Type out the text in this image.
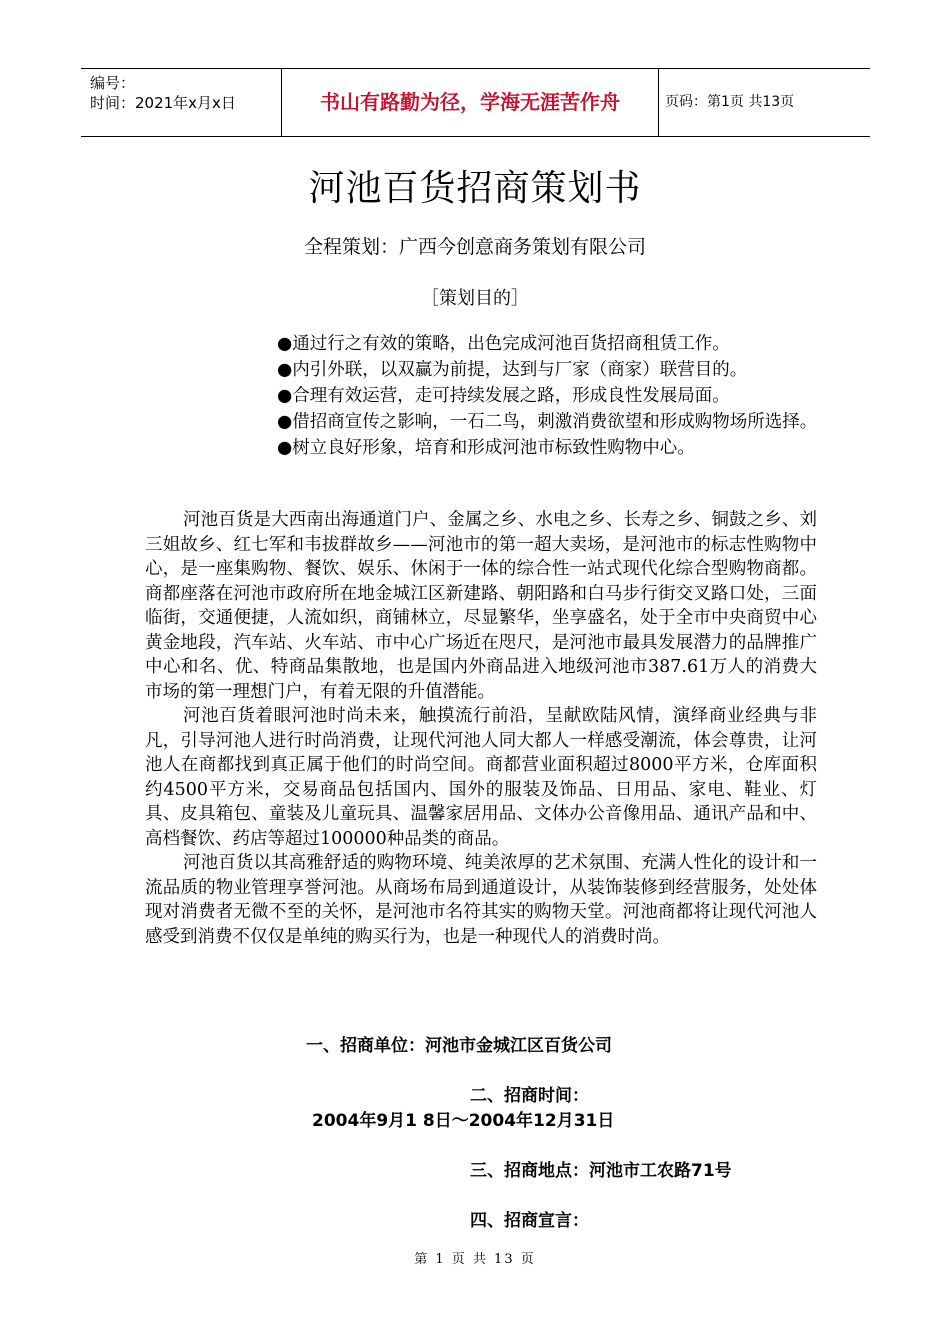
编号：
时间：2021年x月x日	书山有路勤为径，学海无涯苦作舟	页码：第1页 共13页
河池百货招商策划书
全程策划：广西今创意商务策划有限公司
［策划目的］
●通过行之有效的策略，出色完成河池百货招商租赁工作。
●内引外联，以双赢为前提，达到与厂家（商家）联营目的。
●合理有效运营，走可持续发展之路，形成良性发展局面。
●借招商宣传之影响，一石二鸟，刺激消费欲望和形成购物场所选择。
●树立良好形象，培育和形成河池市标致性购物中心。

河池百货是大西南出海通道门户、金属之乡、水电之乡、长寿之乡、铜鼓之乡、刘三姐故乡、红七军和韦拔群故乡——河池市的第一超大卖场，是河池市的标志性购物中心，是一座集购物、餐饮、娱乐、休闲于一体的综合性一站式现代化综合型购物商都。商都座落在河池市政府所在地金城江区新建路、朝阳路和白马步行街交叉路口处，三面临街，交通便捷，人流如织，商铺林立，尽显繁华，坐享盛名，处于全市中央商贸中心黄金地段，汽车站、火车站、市中心广场近在咫尺，是河池市最具发展潜力的品牌推广中心和名、优、特商品集散地，也是国内外商品进入地级河池市387.61万人的消费大市场的第一理想门户，有着无限的升值潜能。

河池百货着眼河池时尚未来，触摸流行前沿，呈献欧陆风情，演绎商业经典与非凡，引导河池人进行时尚消费，让现代河池人同大都人一样感受潮流，体会尊贵，让河池人在商都找到真正属于他们的时尚空间。商都营业面积超过8000平方米，仓库面积约4500平方米，交易商品包括国内、国外的服装及饰品、日用品、家电、鞋业、灯具、皮具箱包、童装及儿童玩具、温馨家居用品、文体办公音像用品、通讯产品和中、高档餐饮、药店等超过100000种品类的商品。

河池百货以其高雅舒适的购物环境、纯美浓厚的艺术氛围、充满人性化的设计和一流品质的物业管理享誉河池。从商场布局到通道设计，从装饰装修到经营服务，处处体现对消费者无微不至的关怀，是河池市名符其实的购物天堂。河池商都将让现代河池人感受到消费不仅仅是单纯的购买行为，也是一种现代人的消费时尚。

一、招商单位：河池市金城江区百货公司
二、招商时间：
2004年9月1 8日～2004年12月31日
三、招商地点：河池市工农路71号
四、招商宣言：
第 1 页 共 13 页
